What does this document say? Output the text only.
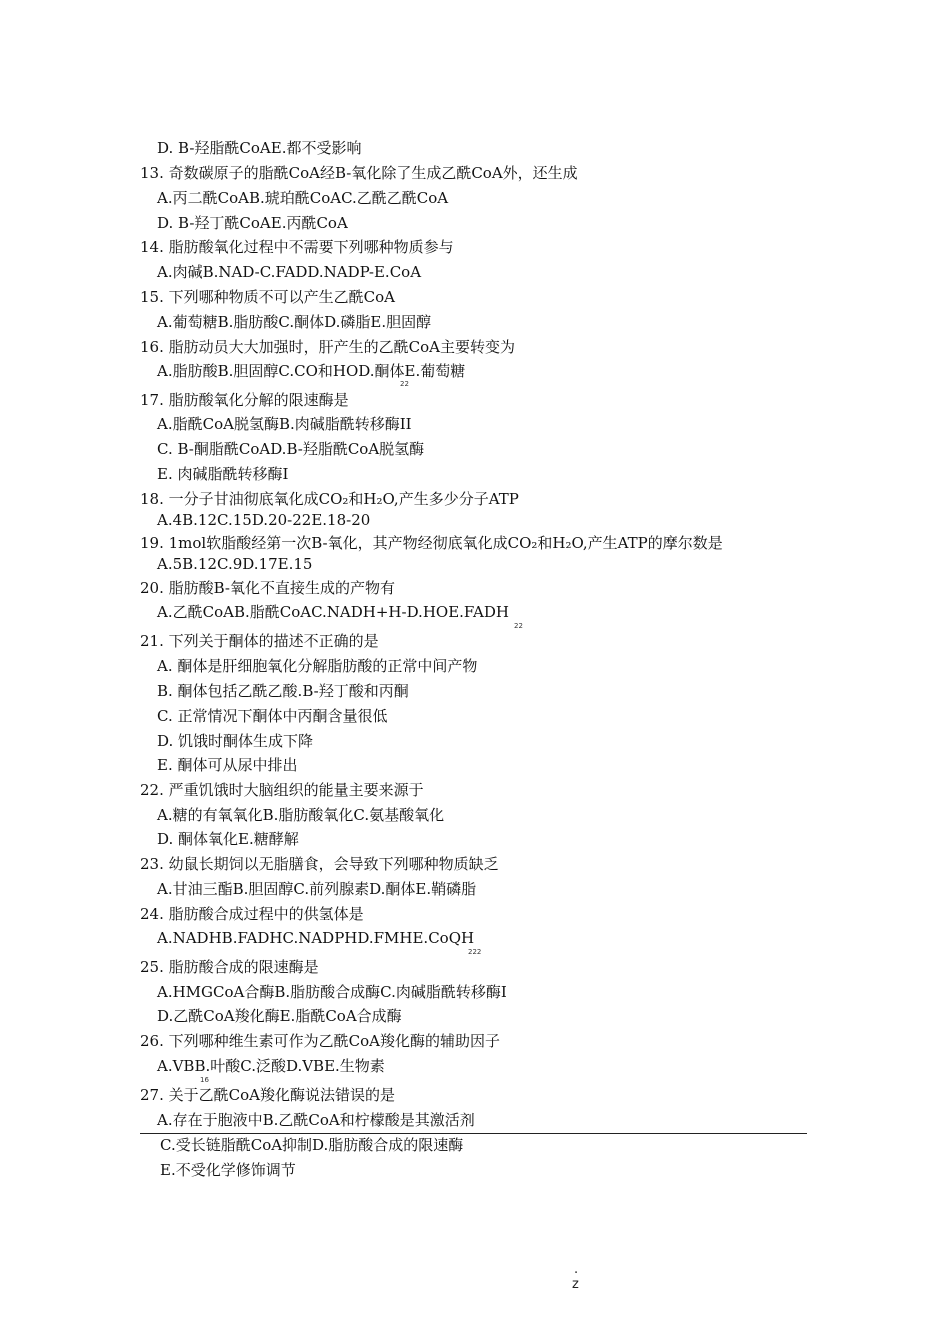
D. B-羟脂酰CoAE.都不受影响
13. 奇数碳原子的脂酰CoA经B-氧化除了生成乙酰CoA外，还生成
A.丙二酰CoAB.琥珀酰CoAC.乙酰乙酰CoA
D. B-羟丁酰CoAE.丙酰CoA
14. 脂肪酸氧化过程中不需要下列哪种物质参与
A.肉碱B.NAD-C.FADD.NADP-E.CoA
15. 下列哪种物质不可以产生乙酰CoA
A.葡萄糖B.脂肪酸C.酮体D.磷脂E.胆固醇
16. 脂肪动员大大加强时，肝产生的乙酰CoA主要转变为
A.脂肪酸B.胆固醇C.CO和HOD.酮体E.葡萄糖
22
17. 脂肪酸氧化分解的限速酶是
A.脂酰CoA脱氢酶B.肉碱脂酰转移酶II
C. B-酮脂酰CoAD.B-羟脂酰CoA脱氢酶
E. 肉碱脂酰转移酶I
18. 一分子甘油彻底氧化成CO₂和H₂O,产生多少分子ATP
A.4B.12C.15D.20-22E.18-20
19. 1mol软脂酸经第一次B-氧化，其产物经彻底氧化成CO₂和H₂O,产生ATP的摩尔数是
A.5B.12C.9D.17E.15
20. 脂肪酸B-氧化不直接生成的产物有
A.乙酰CoAB.脂酰CoAC.NADH+H-D.HOE.FADH
22
21. 下列关于酮体的描述不正确的是
A. 酮体是肝细胞氧化分解脂肪酸的正常中间产物
B. 酮体包括乙酰乙酸.B-羟丁酸和丙酮
C. 正常情况下酮体中丙酮含量很低
D. 饥饿时酮体生成下降
E. 酮体可从尿中排出
22. 严重饥饿时大脑组织的能量主要来源于
A.糖的有氧氧化B.脂肪酸氧化C.氨基酸氧化
D. 酮体氧化E.糖酵解
23. 幼鼠长期饲以无脂膳食，会导致下列哪种物质缺乏
A.甘油三酯B.胆固醇C.前列腺素D.酮体E.鞘磷脂
24. 脂肪酸合成过程中的供氢体是
A.NADHB.FADHC.NADPHD.FMHE.CoQH
222
25. 脂肪酸合成的限速酶是
A.HMGCoA合酶B.脂肪酸合成酶C.肉碱脂酰转移酶I
D.乙酰CoA羧化酶E.脂酰CoA合成酶
26. 下列哪种维生素可作为乙酰CoA羧化酶的辅助因子
A.VBB.叶酸C.泛酸D.VBE.生物素
16
27. 关于乙酰CoA羧化酶说法错误的是
A.存在于胞液中B.乙酰CoA和柠檬酸是其激活剂
C.受长链脂酰CoA抑制D.脂肪酸合成的限速酶
E.不受化学修饰调节
.
z
